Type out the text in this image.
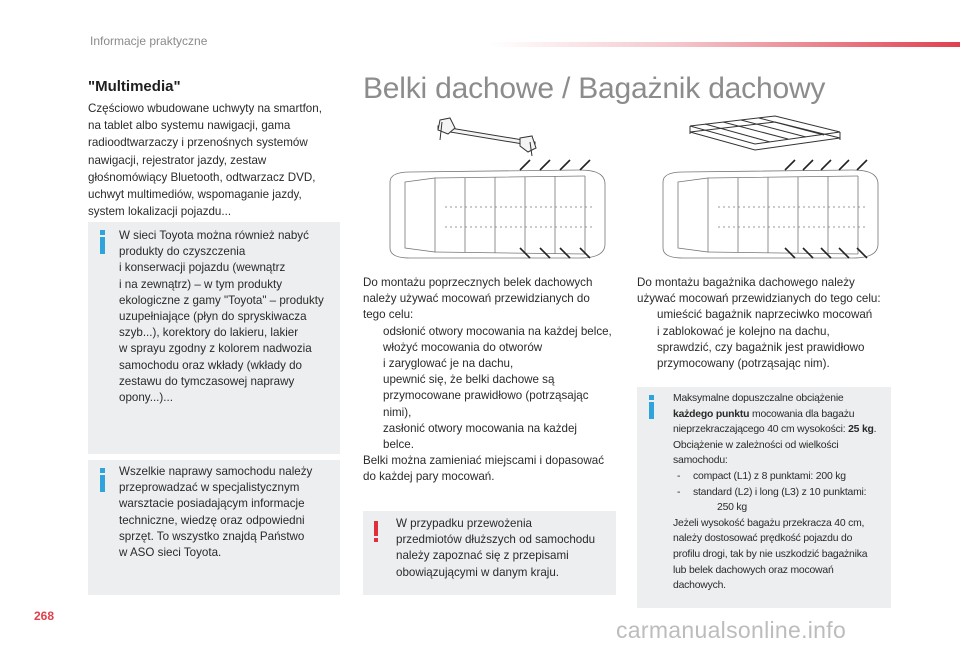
Informacje praktyczne
"Multimedia"
Częściowo wbudowane uchwyty na smartfon, na tablet albo systemu nawigacji, gama radioodtwarzaczy i przenośnych systemów nawigacji, rejestrator jazdy, zestaw głośnomówiący Bluetooth, odtwarzacz DVD, uchwyt multimediów, wspomaganie jazdy, system lokalizacji pojazdu...

W sieci Toyota można również nabyć

produkty do czyszczenia

i konserwacji pojazdu (wewnątrz

i na zewnątrz) – w tym produkty

ekologiczne z gamy "Toyota" – produkty

uzupełniające (płyn do spryskiwacza

szyb...), korektory do lakieru, lakier

w sprayu zgodny z kolorem nadwozia

samochodu oraz wkłady (wkłady do

zestawu do tymczasowej naprawy

opony...)...

Wszelkie naprawy samochodu należy

przeprowadzać w specjalistycznym

warsztacie posiadającym informacje

techniczne, wiedzę oraz odpowiedni

sprzęt. To wszystko znajdą Państwo

w ASO sieci Toyota.

Belki dachowe / Bagażnik dachowy
Do montażu poprzecznych belek dachowych
należy używać mocowań przewidzianych do
tego celu:
odsłonić otwory mocowania na każdej belce,
włożyć mocowania do otworów
i zaryglować je na dachu,
upewnić się, że belki dachowe są
przymocowane prawidłowo (potrząsając
nimi),
zasłonić otwory mocowania na każdej
belce.
Belki można zamieniać miejscami i dopasować
do każdej pary mocowań.

W przypadku przewożenia

przedmiotów dłuższych od samochodu

należy zapoznać się z przepisami

obowiązującymi w danym kraju.

Do montażu bagażnika dachowego należy
używać mocowań przewidzianych do tego celu:
umieścić bagażnik naprzeciwko mocowań
i zablokować je kolejno na dachu,
sprawdzić, czy bagażnik jest prawidłowo
przymocowany (potrząsając nim).

Maksymalne dopuszczalne obciążenie

każdego punktu mocowania dla bagażu

nieprzekraczającego 40 cm wysokości: 25 kg.

Obciążenie w zależności od wielkości

samochodu:

- compact (L1) z 8 punktami: 200 kg
- standard (L2) i long (L3) z 10 punktami:
250 kg

Jeżeli wysokość bagażu przekracza 40 cm,

należy dostosować prędkość pojazdu do

profilu drogi, tak by nie uszkodzić bagażnika

lub belek dachowych oraz mocowań

dachowych.

268
carmanualsonline.info
